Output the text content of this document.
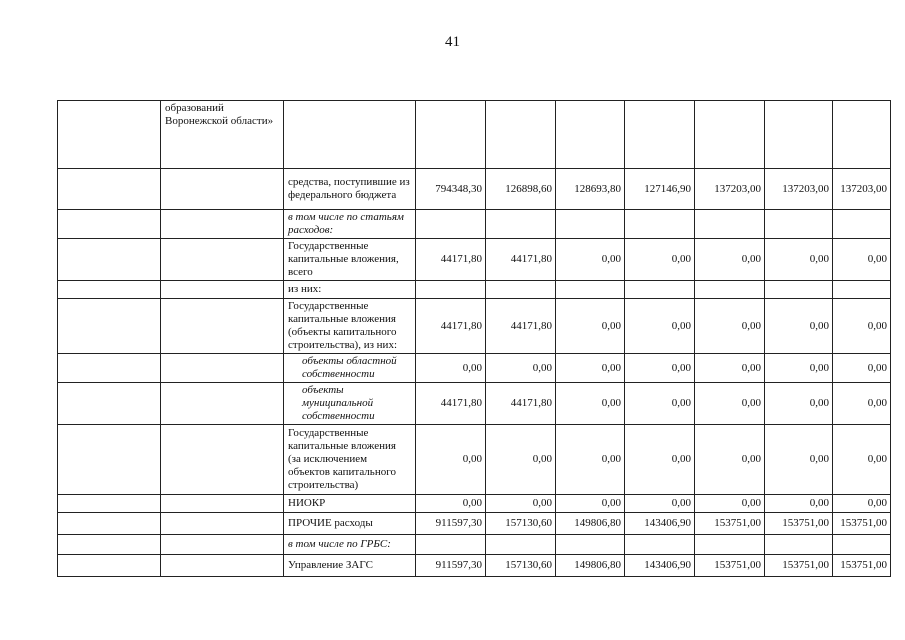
41
	образований Воронежской области»								
		средства, поступившие из федерального бюджета	794348,30	126898,60	128693,80	127146,90	137203,00	137203,00	137203,00
		в том числе по статьям расходов:							
		Государственные капитальные вложения, всего	44171,80	44171,80	0,00	0,00	0,00	0,00	0,00
		из них:							
		Государственные капитальные вложения (объекты капитального строительства), из них:	44171,80	44171,80	0,00	0,00	0,00	0,00	0,00
		объекты областной собственности	0,00	0,00	0,00	0,00	0,00	0,00	0,00
		объекты муниципальной собственности	44171,80	44171,80	0,00	0,00	0,00	0,00	0,00
		Государственные капитальные вложения (за исключением объектов капитального строительства)	0,00	0,00	0,00	0,00	0,00	0,00	0,00
		НИОКР	0,00	0,00	0,00	0,00	0,00	0,00	0,00
		ПРОЧИЕ расходы	911597,30	157130,60	149806,80	143406,90	153751,00	153751,00	153751,00
		в том числе по ГРБС:							
		Управление ЗАГС	911597,30	157130,60	149806,80	143406,90	153751,00	153751,00	153751,00
